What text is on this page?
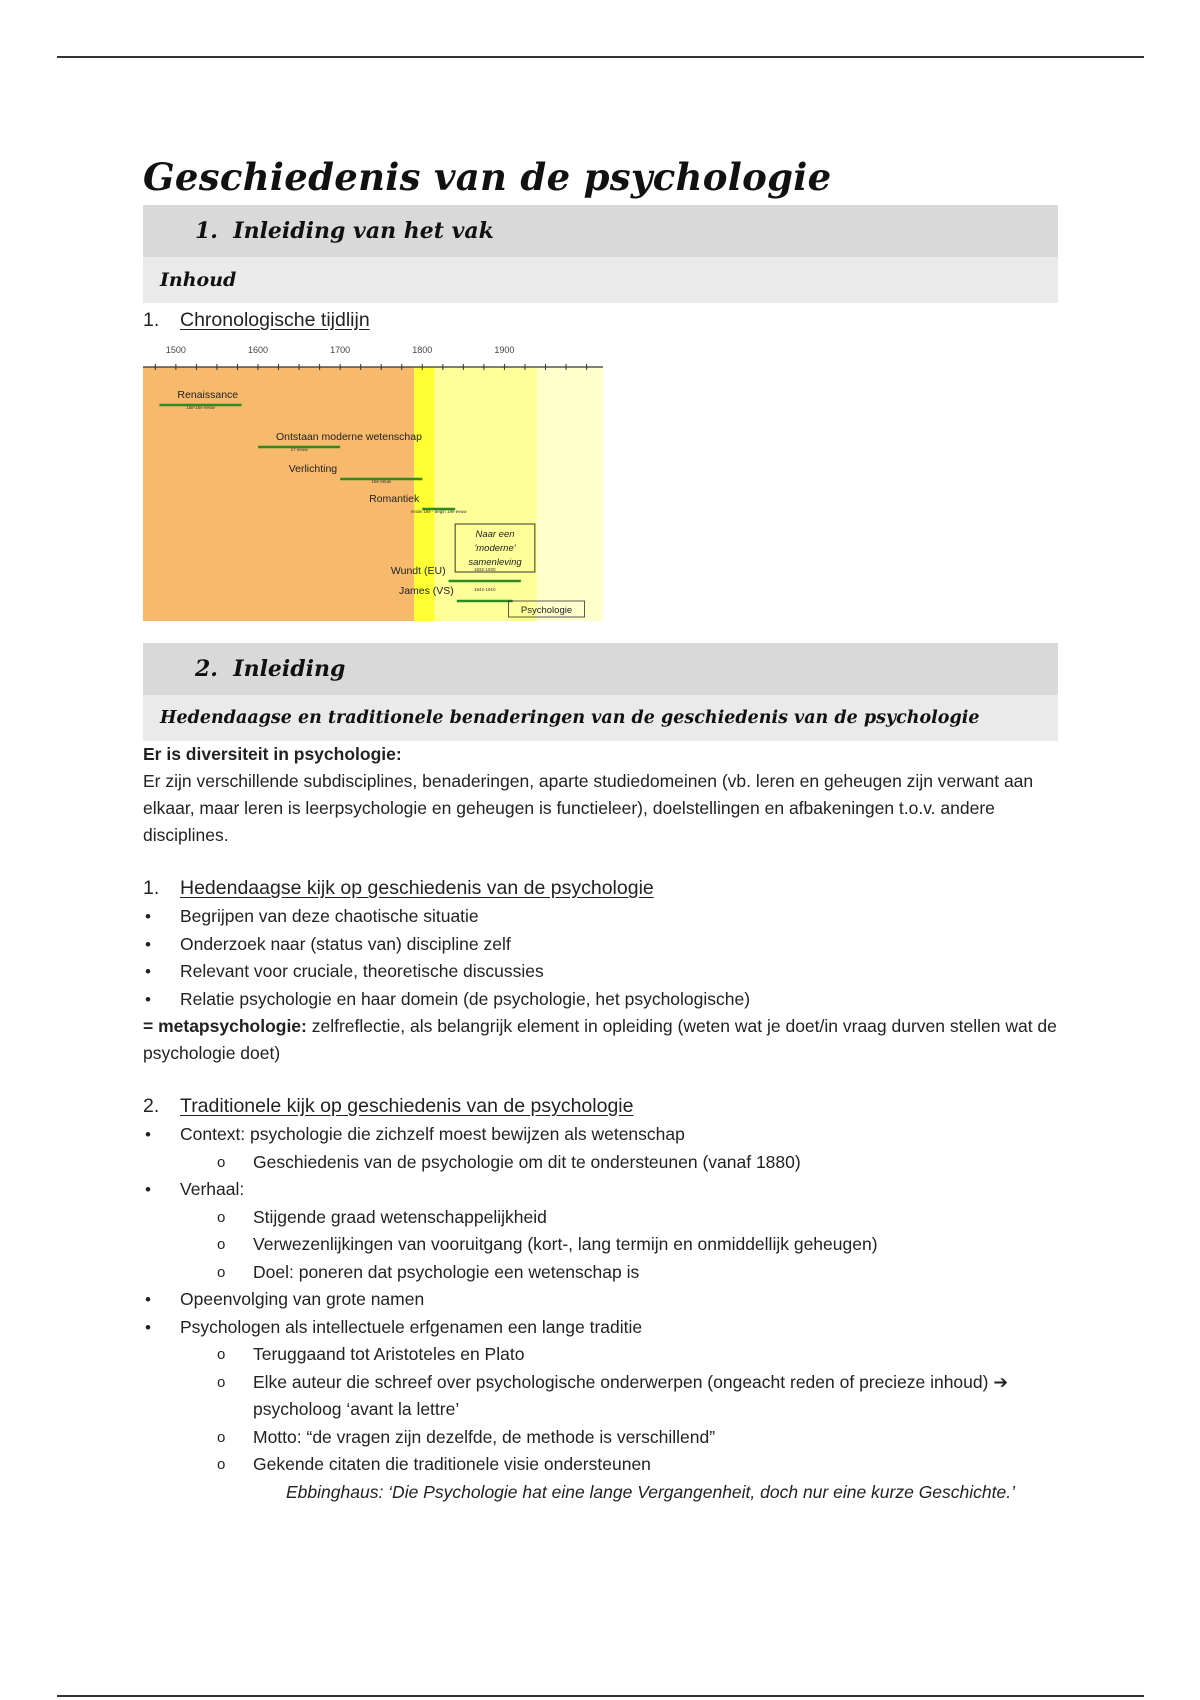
Geschiedenis van de psychologie
1.  Inleiding van het vak
Inhoud
1. Chronologische tijdlijn
1500	1600	1700	1800	1900
Renaissance
15e-16e eeuw
Ontstaan moderne wetenschap
17 eeuw
Verlichting
18e eeuw
Romantiek
einde 18e - begin 19e eeuw
Wundt (EU)	1832-1920
James (VS)	1842-1910
Naar een
'moderne'
samenleving
Psychologie
2.  Inleiding
Hedendaagse en traditionele benaderingen van de geschiedenis van de psychologie

Er is diversiteit in psychologie:

Er zijn verschillende subdisciplines, benaderingen, aparte studiedomeinen (vb. leren en geheugen zijn verwant aan elkaar, maar leren is leerpsychologie en geheugen is functieleer), doelstellingen en afbakeningen t.o.v. andere disciplines.

1. Hedendaagse kijk op geschiedenis van de psychologie
• Begrijpen van deze chaotische situatie
• Onderzoek naar (status van) discipline zelf
• Relevant voor cruciale, theoretische discussies
• Relatie psychologie en haar domein (de psychologie, het psychologische)

= metapsychologie: zelfreflectie, als belangrijk element in opleiding (weten wat je doet/in vraag durven stellen wat de psychologie doet)

2. Traditionele kijk op geschiedenis van de psychologie
• Context: psychologie die zichzelf moest bewijzen als wetenschap
o Geschiedenis van de psychologie om dit te ondersteunen (vanaf 1880)
• Verhaal:
o Stijgende graad wetenschappelijkheid
o Verwezenlijkingen van vooruitgang (kort-, lang termijn en onmiddellijk geheugen)
o Doel: poneren dat psychologie een wetenschap is
• Opeenvolging van grote namen
• Psychologen als intellectuele erfgenamen een lange traditie
o Teruggaand tot Aristoteles en Plato
o Elke auteur die schreef over psychologische onderwerpen (ongeacht reden of precieze inhoud) ➔ psycholoog ‘avant la lettre’
o Motto: “de vragen zijn dezelfde, de methode is verschillend”
o Gekende citaten die traditionele visie ondersteunen
Ebbinghaus: ‘Die Psychologie hat eine lange Vergangenheit, doch nur eine kurze Geschichte.’
